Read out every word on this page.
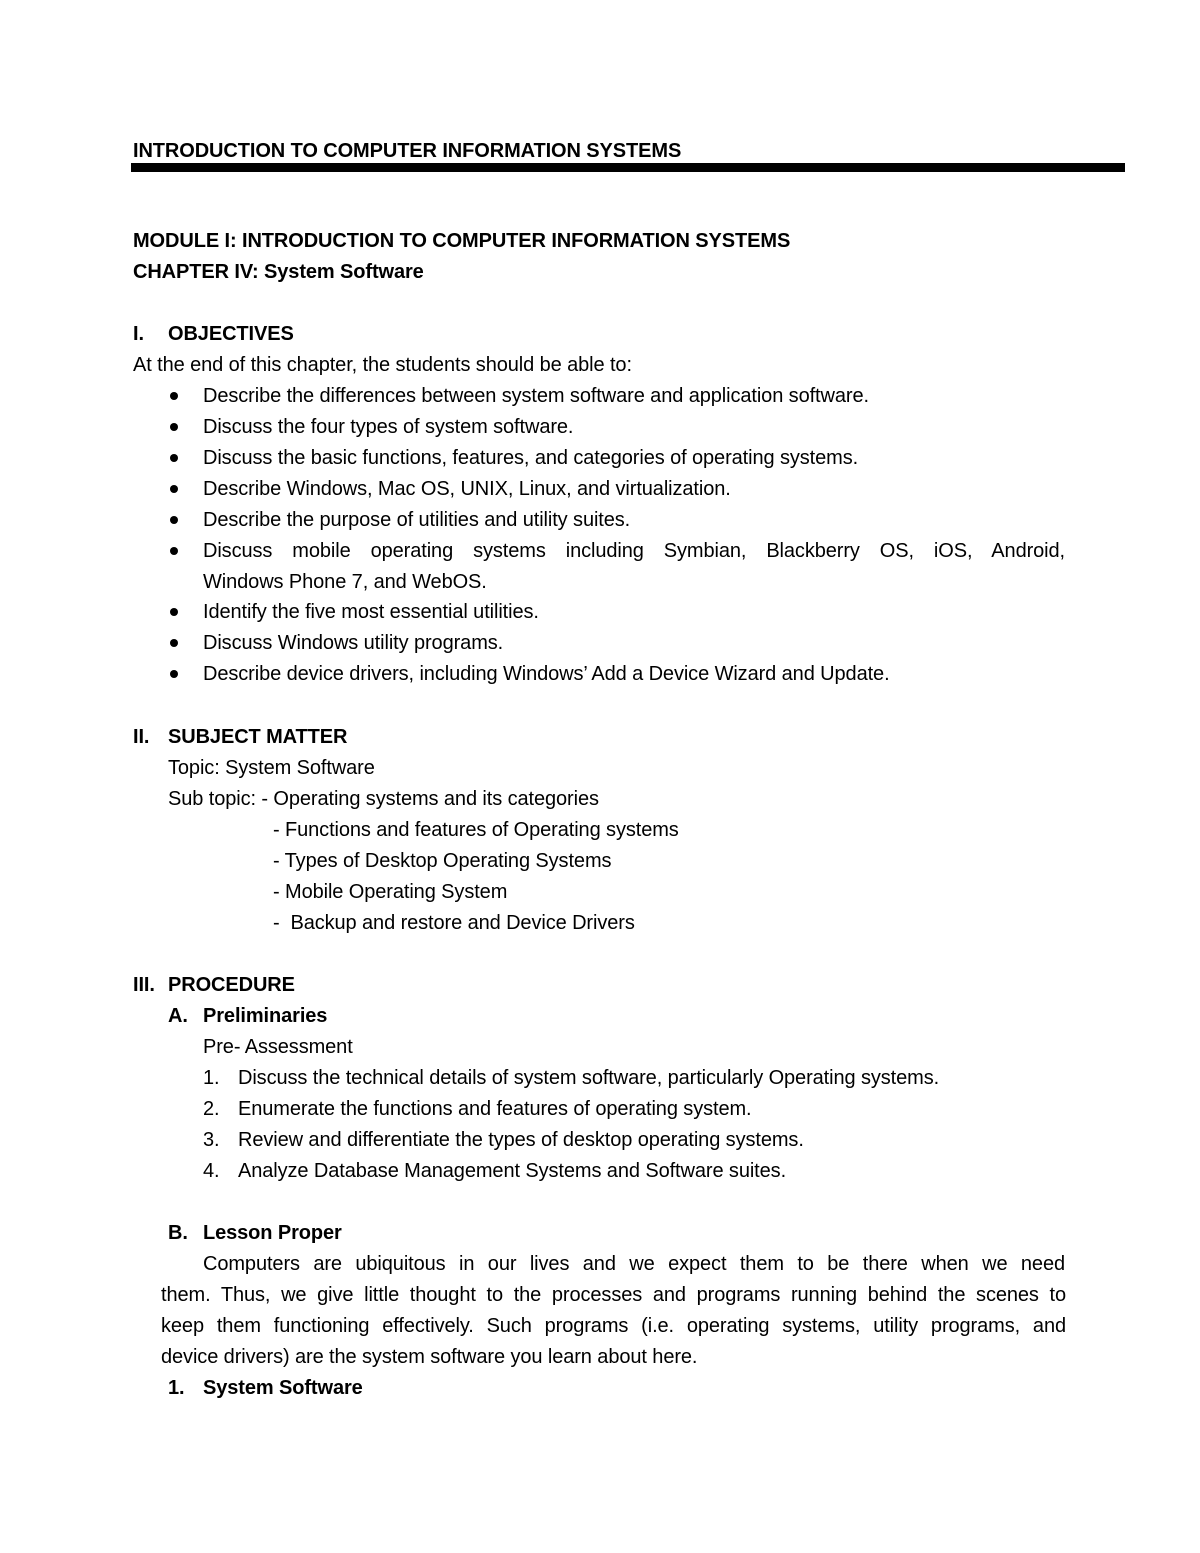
INTRODUCTION TO COMPUTER INFORMATION SYSTEMS
MODULE I: INTRODUCTION TO COMPUTER INFORMATION SYSTEMS
CHAPTER IV: System Software
I. OBJECTIVES
At the end of this chapter, the students should be able to:
Describe the differences between system software and application software.
Discuss the four types of system software.
Discuss the basic functions, features, and categories of operating systems.
Describe Windows, Mac OS, UNIX, Linux, and virtualization.
Describe the purpose of utilities and utility suites.
Discuss mobile operating systems including Symbian, Blackberry OS, iOS, Android,
Windows Phone 7, and WebOS.
Identify the five most essential utilities.
Discuss Windows utility programs.
Describe device drivers, including Windows’ Add a Device Wizard and Update.
II. SUBJECT MATTER
Topic: System Software
Sub topic: - Operating systems and its categories
- Functions and features of Operating systems
- Types of Desktop Operating Systems
- Mobile Operating System
-  Backup and restore and Device Drivers
III. PROCEDURE
A. Preliminaries
Pre- Assessment
1. Discuss the technical details of system software, particularly Operating systems.
2. Enumerate the functions and features of operating system.
3. Review and differentiate the types of desktop operating systems.
4. Analyze Database Management Systems and Software suites.
B. Lesson Proper
Computers are ubiquitous in our lives and we expect them to be there when we need
them. Thus, we give little thought to the processes and programs running behind the scenes to
keep them functioning effectively. Such programs (i.e. operating systems, utility programs, and
device drivers) are the system software you learn about here.
1. System Software
